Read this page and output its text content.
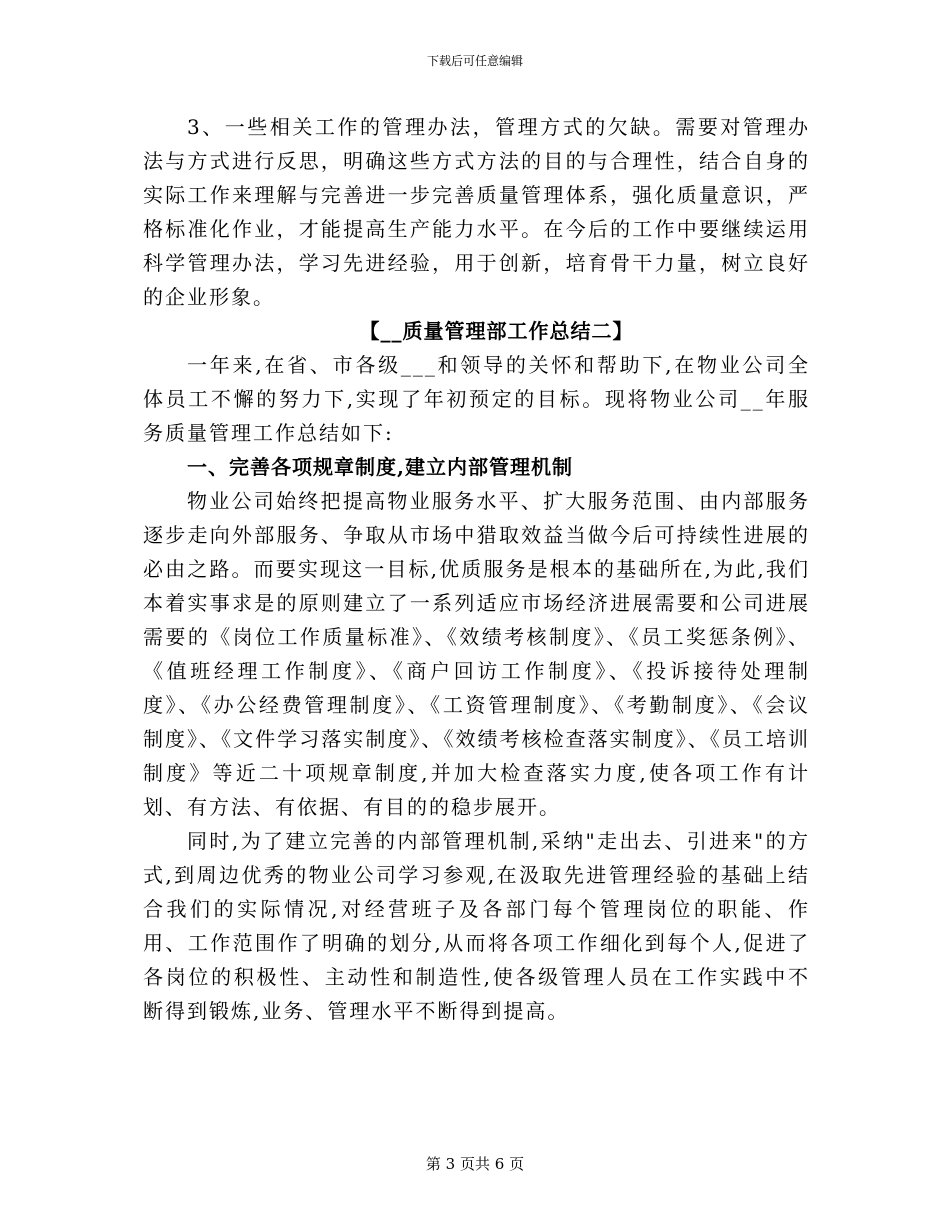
下载后可任意编辑

3、一些相关工作的管理办法，管理方式的欠缺。需要对管理办法与方式进行反思，明确这些方式方法的目的与合理性，结合自身的实际工作来理解与完善进一步完善质量管理体系，强化质量意识，严格标准化作业，才能提高生产能力水平。在今后的工作中要继续运用科学管理办法，学习先进经验，用于创新，培育骨干力量，树立良好的企业形象。

【__质量管理部工作总结二】

一年来,在省、市各级___和领导的关怀和帮助下,在物业公司全体员工不懈的努力下,实现了年初预定的目标。现将物业公司__年服务质量管理工作总结如下:

一、完善各项规章制度,建立内部管理机制

物业公司始终把提高物业服务水平、扩大服务范围、由内部服务逐步走向外部服务、争取从市场中猎取效益当做今后可持续性进展的必由之路。而要实现这一目标,优质服务是根本的基础所在,为此,我们本着实事求是的原则建立了一系列适应市场经济进展需要和公司进展需要的《岗位工作质量标准》、《效绩考核制度》、《员工奖惩条例》、《值班经理工作制度》、《商户回访工作制度》、《投诉接待处理制度》、《办公经费管理制度》、《工资管理制度》、《考勤制度》、《会议制度》、《文件学习落实制度》、《效绩考核检查落实制度》、《员工培训制度》等近二十项规章制度,并加大检查落实力度,使各项工作有计划、有方法、有依据、有目的的稳步展开。

同时,为了建立完善的内部管理机制,采纳"走出去、引进来"的方式,到周边优秀的物业公司学习参观,在汲取先进管理经验的基础上结合我们的实际情况,对经营班子及各部门每个管理岗位的职能、作用、工作范围作了明确的划分,从而将各项工作细化到每个人,促进了各岗位的积极性、主动性和制造性,使各级管理人员在工作实践中不断得到锻炼,业务、管理水平不断得到提高。

第 3 页共 6 页
